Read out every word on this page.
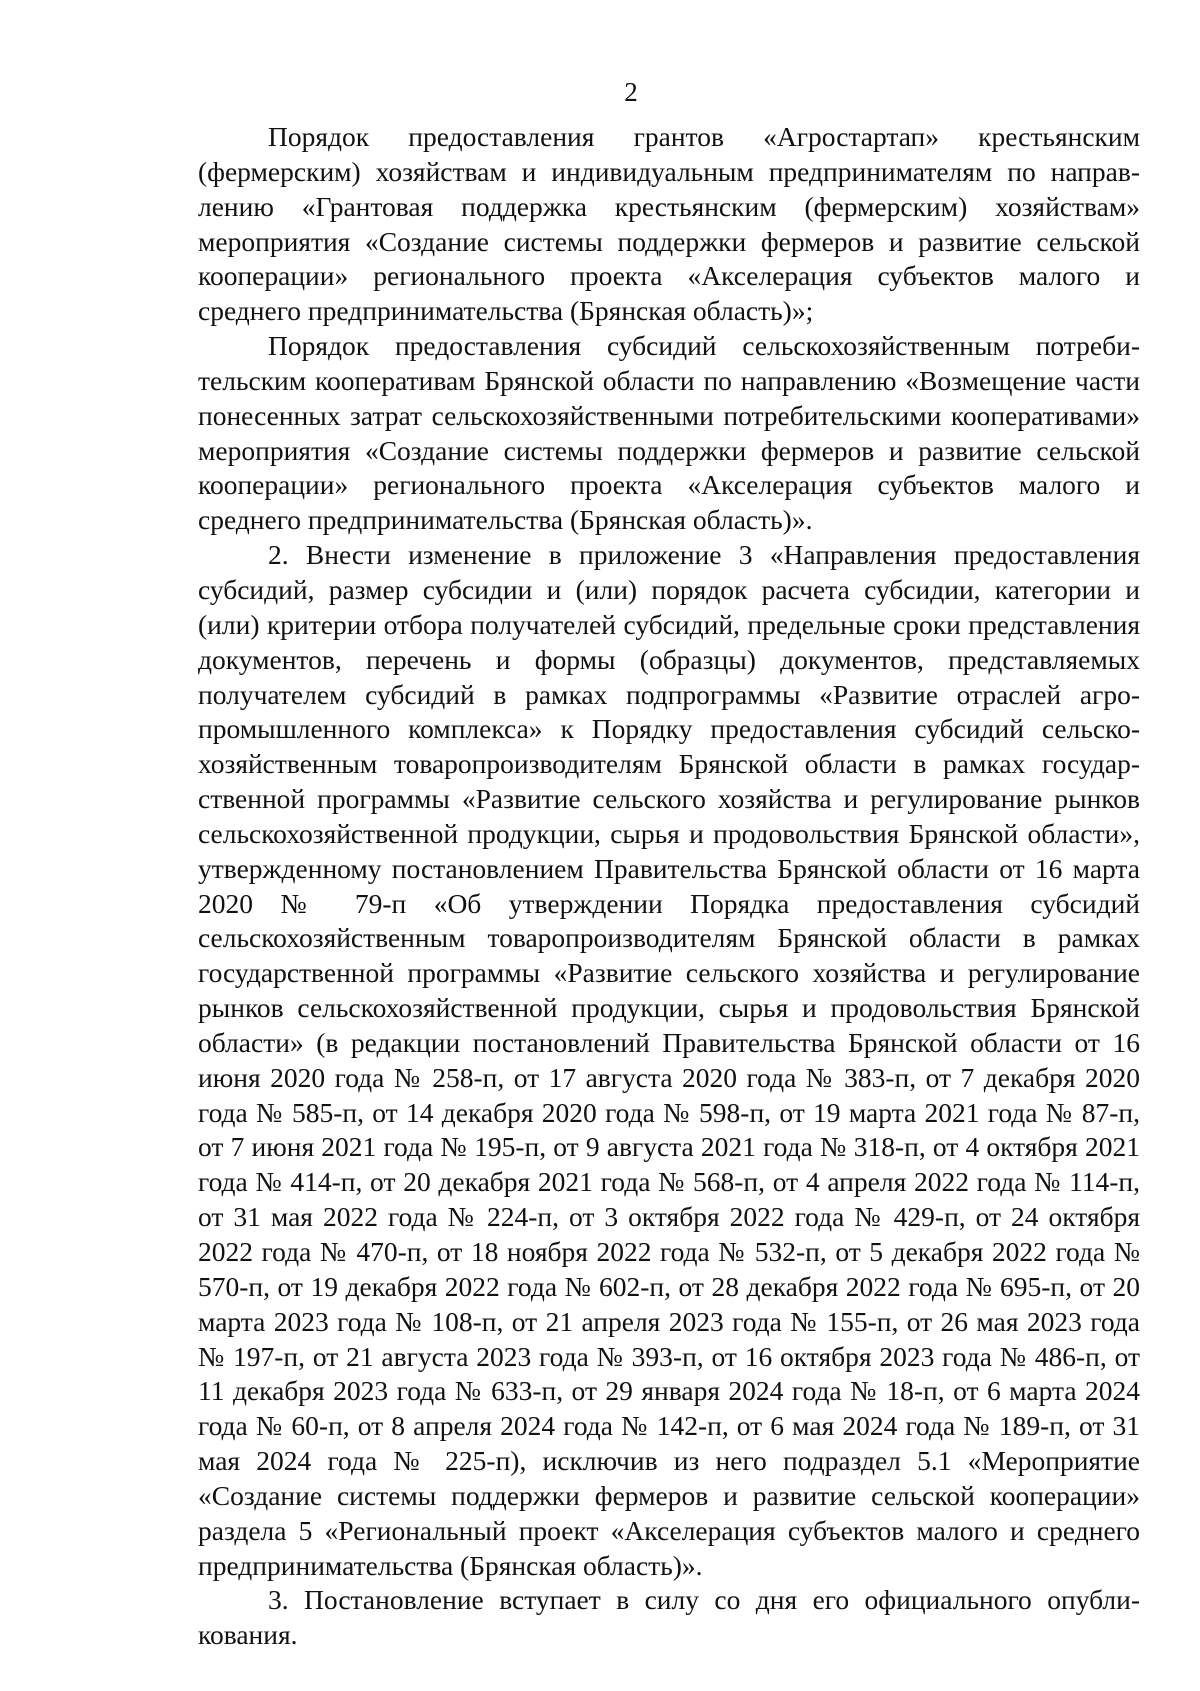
2

Порядок предоставления грантов «Агростартап» крестьянским (фермерским) хозяйствам и индивидуальным предпринимателям по направлению «Грантовая поддержка крестьянским (фермерским) хозяйствам» мероприятия «Создание системы поддержки фермеров и развитие сельской кооперации» регионального проекта «Акселерация субъектов малого и среднего предпринимательства (Брянская область)»;

Порядок предоставления субсидий сельскохозяйственным потребительским кооперативам Брянской области по направлению «Возмещение части понесенных затрат сельскохозяйственными потребительскими кооперативами» мероприятия «Создание системы поддержки фермеров и развитие сельской кооперации» регионального проекта «Акселерация субъектов малого и среднего предпринимательства (Брянская область)».

2. Внести изменение в приложение 3 «Направления предоставления субсидий, размер субсидии и (или) порядок расчета субсидии, категории и (или) критерии отбора получателей субсидий, предельные сроки представления документов, перечень и формы (образцы) документов, представляемых получателем субсидий в рамках подпрограммы «Развитие отраслей агропромышленного комплекса» к Порядку предоставления субсидий сельскохозяйственным товаропроизводителям Брянской области в рамках государственной программы «Развитие сельского хозяйства и регулирование рынков сельскохозяйственной продукции, сырья и продовольствия Брянской области», утвержденному постановлением Правительства Брянской области от 16 марта 2020 № 79-п «Об утверждении Порядка предоставления субсидий сельскохозяйственным товаропроизводителям Брянской области в рамках государственной программы «Развитие сельского хозяйства и регулирование рынков сельскохозяйственной продукции, сырья и продовольствия Брянской области» (в редакции постановлений Правительства Брянской области от 16 июня 2020 года № 258-п, от 17 августа 2020 года № 383-п, от 7 декабря 2020 года № 585-п, от 14 декабря 2020 года № 598-п, от 19 марта 2021 года № 87-п, от 7 июня 2021 года № 195-п, от 9 августа 2021 года № 318-п, от 4 октября 2021 года № 414-п, от 20 декабря 2021 года № 568-п, от 4 апреля 2022 года № 114-п, от 31 мая 2022 года № 224-п, от 3 октября 2022 года № 429-п, от 24 октября 2022 года № 470-п, от 18 ноября 2022 года № 532-п, от 5 декабря 2022 года № 570-п, от 19 декабря 2022 года № 602-п, от 28 декабря 2022 года № 695-п, от 20 марта 2023 года № 108-п, от 21 апреля 2023 года № 155-п, от 26 мая 2023 года № 197-п, от 21 августа 2023 года № 393-п, от 16 октября 2023 года № 486-п, от 11 декабря 2023 года № 633-п, от 29 января 2024 года № 18-п, от 6 марта 2024 года № 60-п, от 8 апреля 2024 года № 142-п, от 6 мая 2024 года № 189-п, от 31 мая 2024 года № 225-п), исключив из него подраздел 5.1 «Мероприятие «Создание системы поддержки фермеров и развитие сельской кооперации» раздела 5 «Региональный проект «Акселерация субъектов малого и среднего предпринимательства (Брянская область)».

3. Постановление вступает в силу со дня его официального опубликования.
